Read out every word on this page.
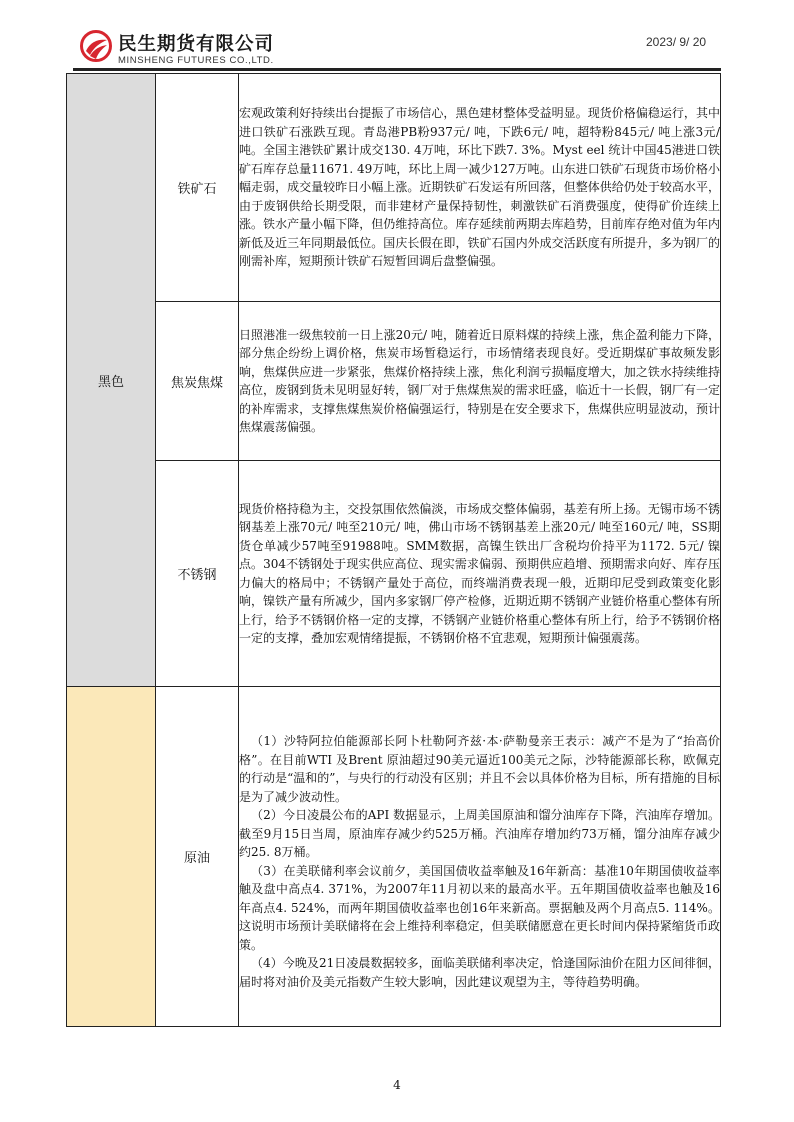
民生期货有限公司
MINSHENG FUTURES CO.,LTD.
2023/ 9/ 20
黑色	铁矿石	宏观政策利好持续出台提振了市场信心，黑色建材整体受益明显。现货价格偏稳运行，其中进口铁矿石涨跌互现。青岛港PB粉937元/ 吨，下跌6元/ 吨，超特粉845元/ 吨上涨3元/ 吨。全国主港铁矿累计成交130. 4万吨，环比下跌7. 3%。Myst eel 统计中国45港进口铁矿石库存总量11671. 49万吨，环比上周一减少127万吨。山东进口铁矿石现货市场价格小幅走弱，成交量较昨日小幅上涨。近期铁矿石发运有所回落，但整体供给仍处于较高水平，由于废钢供给长期受限，而非建材产量保持韧性，刺激铁矿石消费强度，使得矿价连续上涨。铁水产量小幅下降，但仍维持高位。库存延续前两期去库趋势，目前库存绝对值为年内新低及近三年同期最低位。国庆长假在即，铁矿石国内外成交活跃度有所提升，多为钢厂的刚需补库，短期预计铁矿石短暂回调后盘整偏强。

	焦炭焦煤	日照港准一级焦较前一日上涨20元/ 吨，随着近日原料煤的持续上涨，焦企盈利能力下降，部分焦企纷纷上调价格，焦炭市场暂稳运行，市场情绪表现良好。受近期煤矿事故频发影响，焦煤供应进一步紧张，焦煤价格持续上涨，焦化利润亏损幅度增大，加之铁水持续维持高位，废钢到货未见明显好转，钢厂对于焦煤焦炭的需求旺盛，临近十一长假，钢厂有一定的补库需求，支撑焦煤焦炭价格偏强运行，特别是在安全要求下，焦煤供应明显波动，预计焦煤震荡偏强。

	不锈钢	现货价格持稳为主，交投氛围依然偏淡，市场成交整体偏弱，基差有所上扬。无锡市场不锈钢基差上涨70元/ 吨至210元/ 吨，佛山市场不锈钢基差上涨20元/ 吨至160元/ 吨，SS期货仓单减少57吨至91988吨。SMM数据，高镍生铁出厂含税均价持平为1172. 5元/ 镍点。304不锈钢处于现实供应高位、现实需求偏弱、预期供应趋增、预期需求向好、库存压力偏大的格局中；不锈钢产量处于高位，而终端消费表现一般，近期印尼受到政策变化影响，镍铁产量有所减少，国内多家钢厂停产检修，近期近期不锈钢产业链价格重心整体有所上行，给予不锈钢价格一定的支撑，不锈钢产业链价格重心整体有所上行，给予不锈钢价格一定的支撑，叠加宏观情绪提振，不锈钢价格不宜悲观，短期预计偏强震荡。

	原油	（1）沙特阿拉伯能源部长阿卜杜勒阿齐兹·本·萨勒曼亲王表示：减产不是为了“抬高价格”。在目前WTI 及Brent 原油超过90美元逼近100美元之际，沙特能源部长称，欧佩克的行动是“温和的”，与央行的行动没有区别；并且不会以具体价格为目标，所有措施的目标是为了减少波动性。

（2）今日凌晨公布的API 数据显示，上周美国原油和馏分油库存下降，汽油库存增加。截至9月15日当周，原油库存减少约525万桶。汽油库存增加约73万桶，馏分油库存减少约25. 8万桶。

（3）在美联储利率会议前夕，美国国债收益率触及16年新高：基准10年期国债收益率触及盘中高点4. 371%，为2007年11月初以来的最高水平。五年期国债收益率也触及16年高点4. 524%，而两年期国债收益率也创16年来新高。票据触及两个月高点5. 114%。这说明市场预计美联储将在会上维持利率稳定，但美联储愿意在更长时间内保持紧缩货币政策。

（4）今晚及21日凌晨数据较多，面临美联储利率决定，恰逢国际油价在阻力区间徘徊，届时将对油价及美元指数产生较大影响，因此建议观望为主，等待趋势明确。

4
